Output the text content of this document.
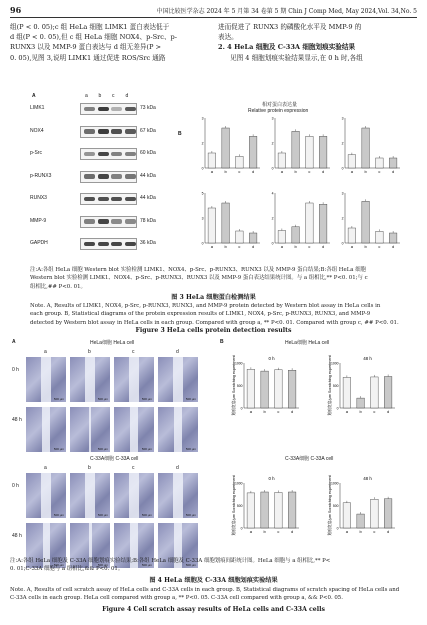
96	中国比较医学杂志 2024 年 5 月第 34 卷第 5 期 Chin J Comp Med, May 2024,Vol. 34,No. 5
组(P < 0. 05);c 组 HeLa 细胞 LIMK1 蛋白表达低于
d 组(P < 0. 05),但 c 组 HeLa 细胞 NOX4、p-Src、p-
RUNX3 以及 MMP-9 蛋白表达与 d 组无差异(P >
0. 05),见图 3,说明 LIMK1 通过促进 ROS/Src 通路
进而促进了 RUNX3 的磷酸化水平及 MMP-9 的
表达。
2. 4 HeLa 细胞及 C-33A 细胞划痕实验结果
见图 4 细胞划痕实验结果显示,在 0 h 时,各组
A	a b c d
LIMK1	73 kDa
NOX4	67 kDa
p-Src	60 kDa
p-RUNX3	44 kDa
RUNX3	44 kDa
MMP-9	78 kDa
GAPDH	36 kDa
B
相对蛋白表达量
Relative protein expression
a	b	c	d
0
2
3
a	b	c	d
0
2
3
a	b	c	d
0
2
3
a	b	c	d
0
3
5
a	b	c	d
0
2
4
a	b	c	d
0
2
3
注:A:各组 HeLa 细胞 Western blot 实验检测 LIMK1、NOX4、p-Src、p-RUNX3、RUNX3 以及 MMP-9 蛋白结果;B:各组 HeLa 细胞
Western blot 实验检测 LIMK1、NOX4、p-Src、p-RUNX3、RUNX3 以及 MMP-9 蛋白表达结果统计图。与 a 组相比,** P<0. 01;与 c
组相比,## P<0. 01。
图 3 HeLa 细胞蛋白检测结果
Note. A, Results of LIMK1, NOX4, p-Src, p-RUNX3, RUNX3, and MMP-9 protein detected by Western blot assay in HeLa cells in
each group. B, Statistical diagrams of the protein expression results of LIMK1, NOX4, p-Src, p-RUNX3, RUNX3, and MMP-9
detected by Western blot assay in HeLa cells in each group. Compared with group a, ** P<0. 01. Compared with group c, ## P<0. 01.
Figure 3 HeLa cells protein detection results
A	HeLa细胞 HeLa cell
C-33A细胞 C-33A cell
a	b	c	d
0 h
500 μm	500 μm	500 μm	500 μm
48 h
500 μm	500 μm	500 μm	500 μm
a	b	c	d
0 h
500 μm	500 μm	500 μm	500 μm
48 h
500 μm	500 μm	500 μm	500 μm
B	HeLa细胞 HeLa cell
C-33A细胞 C-33A cell
a	b	c	d
0
500
1000
划痕宽度/μm Scratching experiment	0 h
a	b	c	d
0
500
1000
划痕宽度/μm Scratching experiment	48 h
a	b	c	d
0
500
1000
划痕宽度/μm Scratching experiment	0 h
a	b	c	d
0
500
1000
划痕宽度/μm Scratching experiment	48 h
注:A:各组 HeLa 细胞及 C-33A 细胞划痕实验结果;B:各组 HeLa 细胞及 C-33A 细胞划痕间距统计图。HeLa 细胞与 a 组相比,** P<
0. 01;C-33A 细胞与 a 组相比,&& P<0. 01。
图 4 HeLa 细胞及 C-33A 细胞划痕实验结果
Note. A, Results of cell scratch assay of HeLa cells and C-33A cells in each group. B, Statistical diagrams of scratch spacing of HeLa cells and
C-33A cells in each group. HeLa cell compared with group a, ** P<0. 05. C-33A cell compared with group a, && P<0. 05.
Figure 4 Cell scratch assay results of HeLa cells and C-33A cells
